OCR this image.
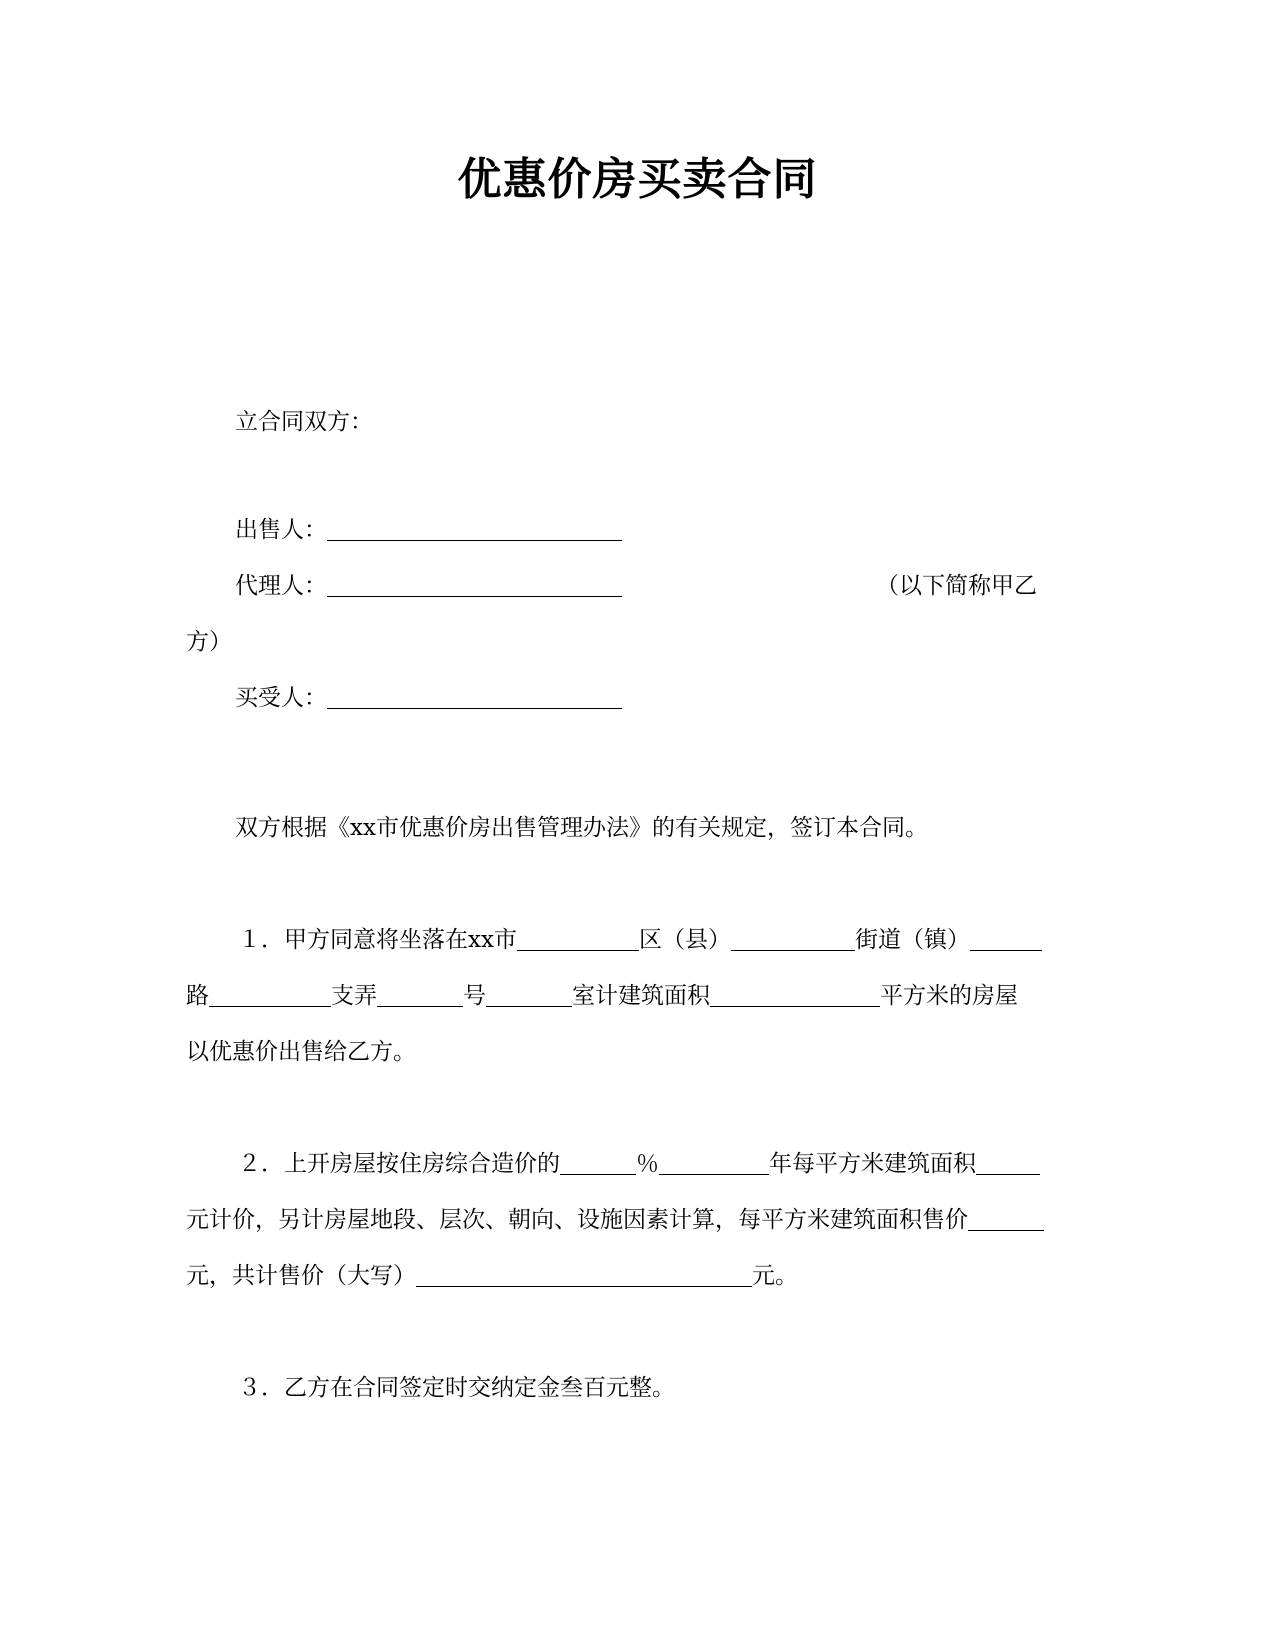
优惠价房买卖合同
立合同双方：
出售人：
代理人：	（以下简称甲乙
方）
买受人：
双方根据《xx市优惠价房出售管理办法》的有关规定，签订本合同。
１．甲方同意将坐落在xx市	区（县）	街道（镇）
路	支弄	号	室计建筑面积	平方米的房屋
以优惠价出售给乙方。
２．上开房屋按住房综合造价的	％	年每平方米建筑面积
元计价，另计房屋地段、层次、朝向、设施因素计算，每平方米建筑面积售价
元，共计售价（大写）	元。
３．乙方在合同签定时交纳定金叁百元整。
